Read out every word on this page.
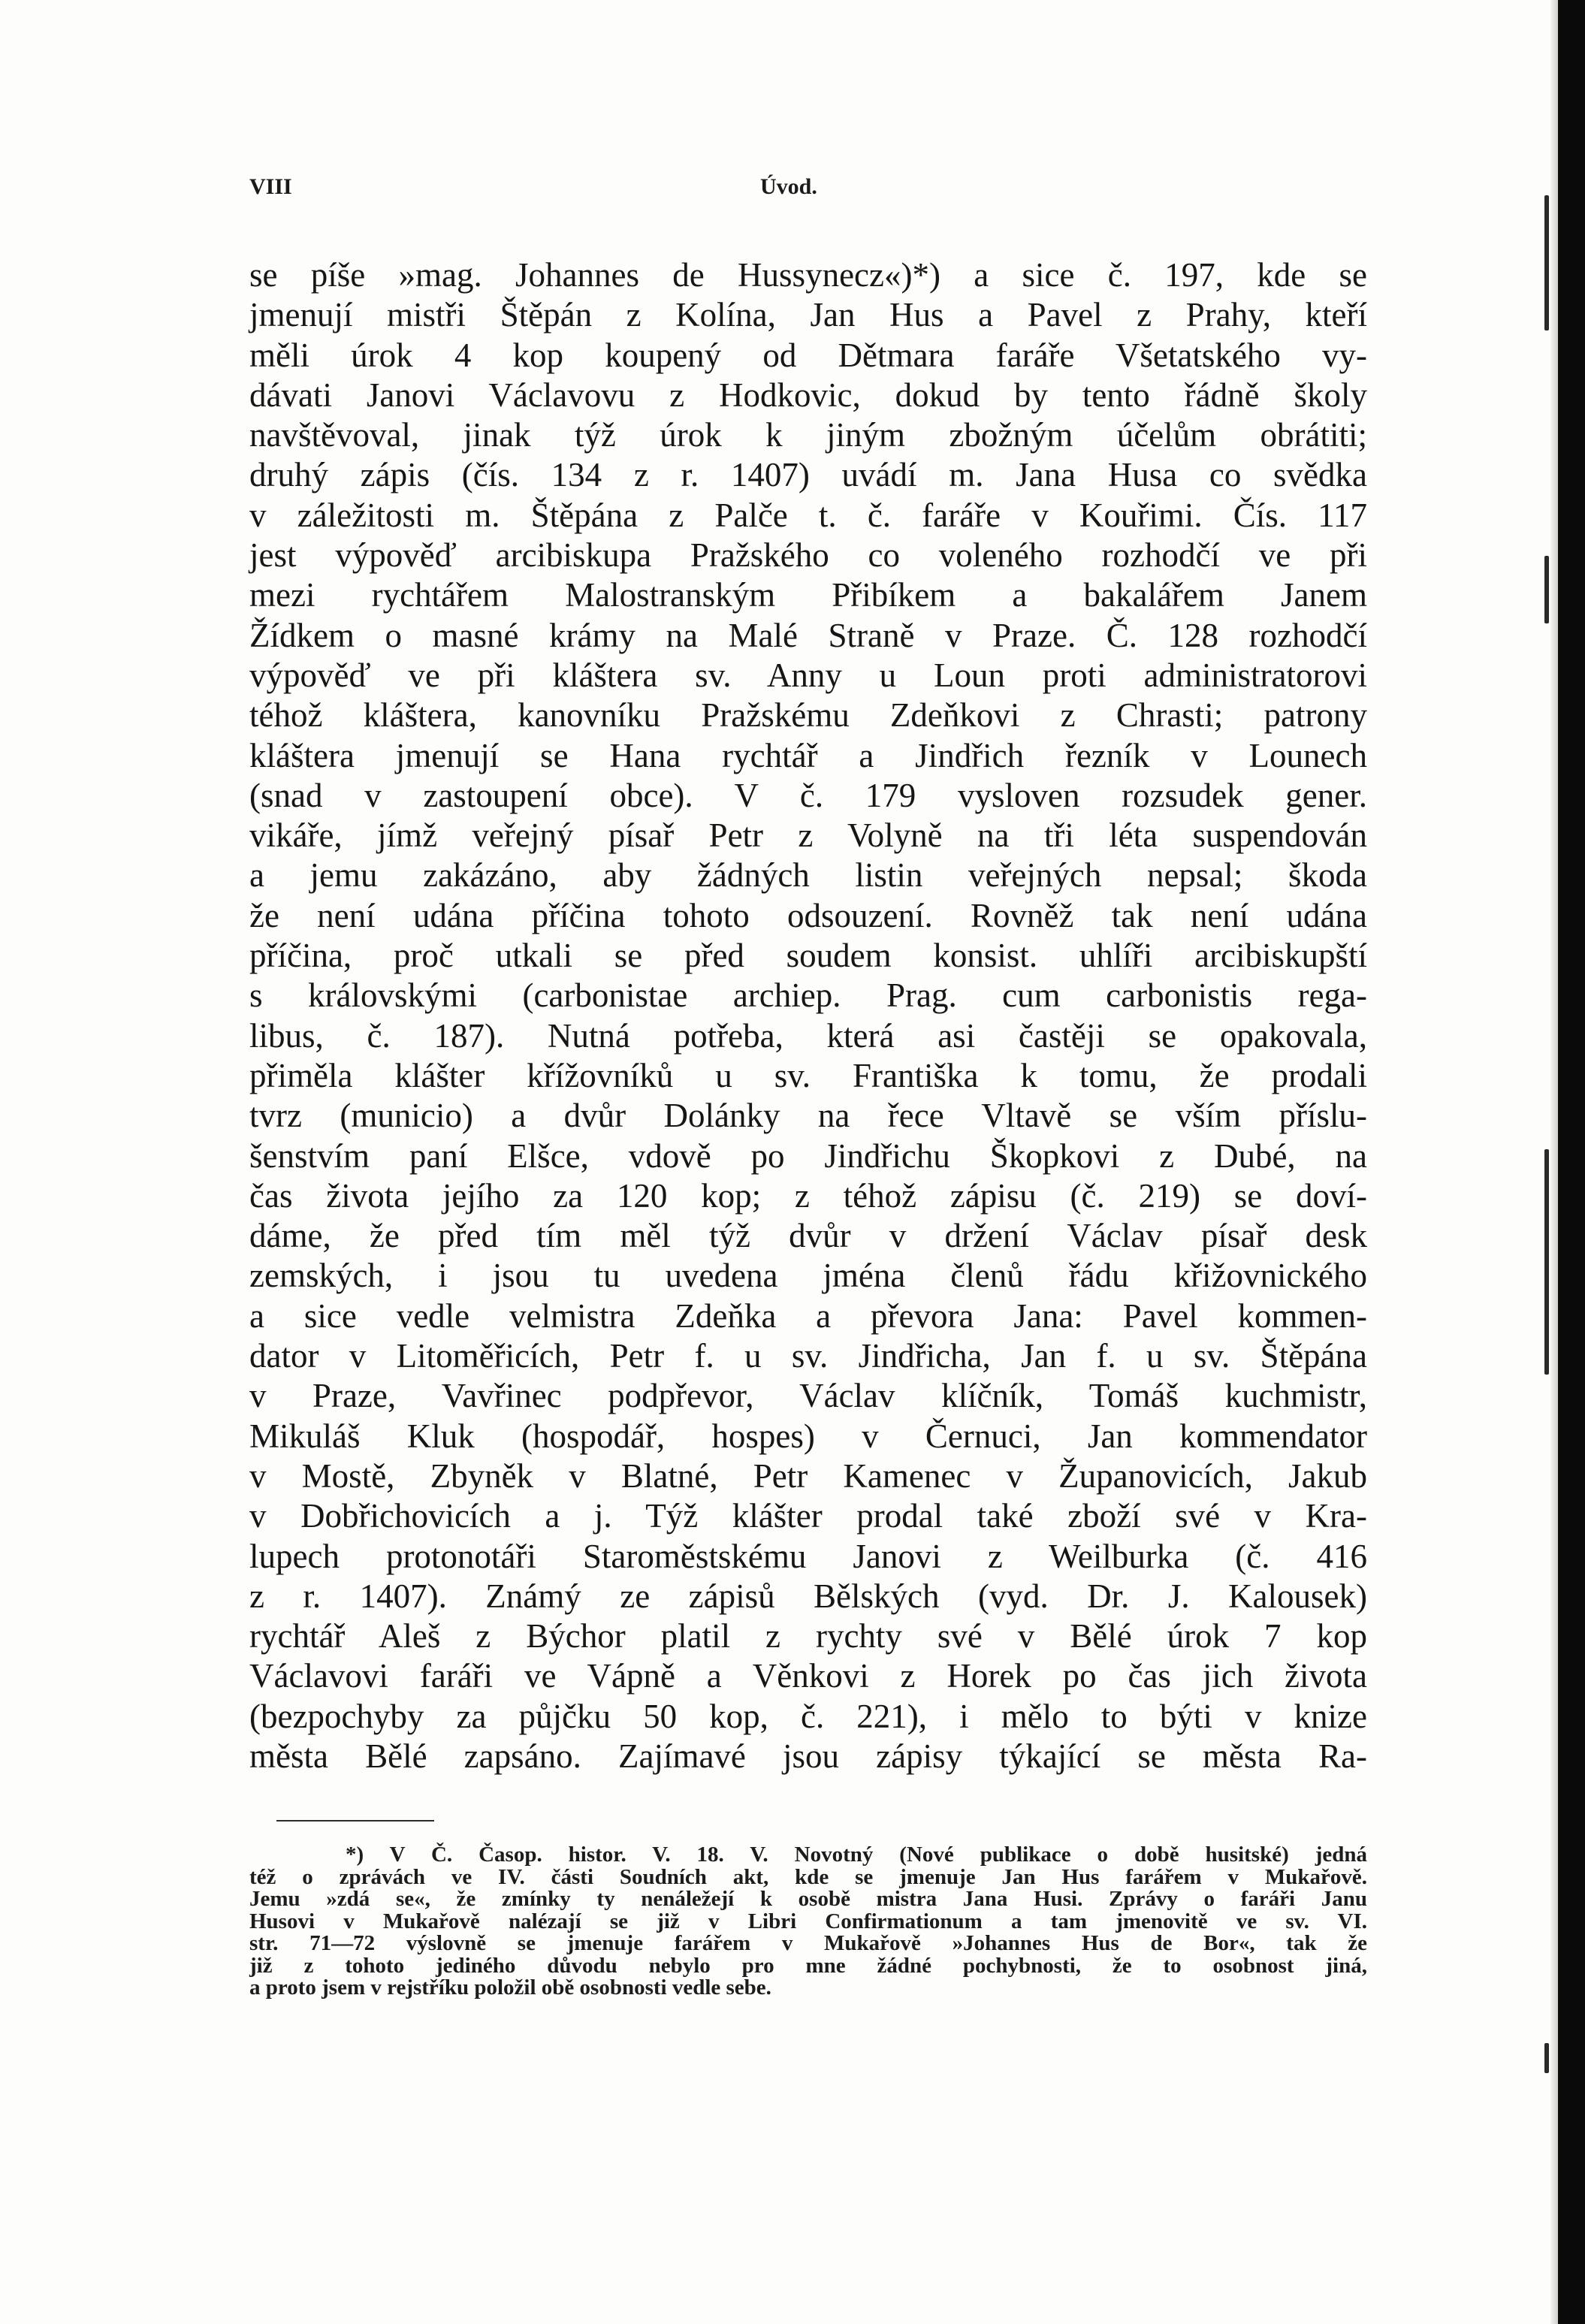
VIII	Úvod.
se píše »mag. Johannes de Hussynecz«)*) a sice č. 197, kde se
jmenují mistři Štěpán z Kolína, Jan Hus a Pavel z Prahy, kteří
měli úrok 4 kop koupený od Dětmara faráře Všetatského vy-
dávati Janovi Václavovu z Hodkovic, dokud by tento řádně školy
navštěvoval, jinak týž úrok k jiným zbožným účelům obrátiti;
druhý zápis (čís. 134 z r. 1407) uvádí m. Jana Husa co svědka
v záležitosti m. Štěpána z Palče t. č. faráře v Kouřimi. Čís. 117
jest výpověď arcibiskupa Pražského co voleného rozhodčí ve při
mezi rychtářem Malostranským Přibíkem a bakalářem Janem
Žídkem o masné krámy na Malé Straně v Praze. Č. 128 rozhodčí
výpověď ve při kláštera sv. Anny u Loun proti administratorovi
téhož kláštera, kanovníku Pražskému Zdeňkovi z Chrasti; patrony
kláštera jmenují se Hana rychtář a Jindřich řezník v Lounech
(snad v zastoupení obce). V č. 179 vysloven rozsudek gener.
vikáře, jímž veřejný písař Petr z Volyně na tři léta suspendován
a jemu zakázáno, aby žádných listin veřejných nepsal; škoda
že není udána příčina tohoto odsouzení. Rovněž tak není udána
příčina, proč utkali se před soudem konsist. uhlíři arcibiskupští
s královskými (carbonistae archiep. Prag. cum carbonistis rega-
libus, č. 187). Nutná potřeba, která asi častěji se opakovala,
přiměla klášter křížovníků u sv. Františka k tomu, že prodali
tvrz (municio) a dvůr Dolánky na řece Vltavě se vším příslu-
šenstvím paní Elšce, vdově po Jindřichu Škopkovi z Dubé, na
čas života jejího za 120 kop; z téhož zápisu (č. 219) se doví-
dáme, že před tím měl týž dvůr v držení Václav písař desk
zemských, i jsou tu uvedena jména členů řádu křižovnického
a sice vedle velmistra Zdeňka a převora Jana: Pavel kommen-
dator v Litoměřicích, Petr f. u sv. Jindřicha, Jan f. u sv. Štěpána
v Praze, Vavřinec podpřevor, Václav klíčník, Tomáš kuchmistr,
Mikuláš Kluk (hospodář, hospes) v Černuci, Jan kommendator
v Mostě, Zbyněk v Blatné, Petr Kamenec v Županovicích, Jakub
v Dobřichovicích a j. Týž klášter prodal také zboží své v Kra-
lupech protonotáři Staroměstskému Janovi z Weilburka (č. 416
z r. 1407). Známý ze zápisů Bělských (vyd. Dr. J. Kalousek)
rychtář Aleš z Býchor platil z rychty své v Bělé úrok 7 kop
Václavovi faráři ve Vápně a Věnkovi z Horek po čas jich života
(bezpochyby za půjčku 50 kop, č. 221), i mělo to býti v knize
města Bělé zapsáno. Zajímavé jsou zápisy týkající se města Ra-
*) V Č. Časop. histor. V. 18. V. Novotný (Nové publikace o době husitské) jedná
též o zprávách ve IV. části Soudních akt, kde se jmenuje Jan Hus farářem v Mukařově.
Jemu »zdá se«, že zmínky ty nenáležejí k osobě mistra Jana Husi. Zprávy o faráři Janu
Husovi v Mukařově nalézají se již v Libri Confirmationum a tam jmenovitě ve sv. VI.
str. 71—72 výslovně se jmenuje farářem v Mukařově »Johannes Hus de Bor«, tak že
již z tohoto jediného důvodu nebylo pro mne žádné pochybnosti, že to osobnost jiná,
a proto jsem v rejstříku položil obě osobnosti vedle sebe.
